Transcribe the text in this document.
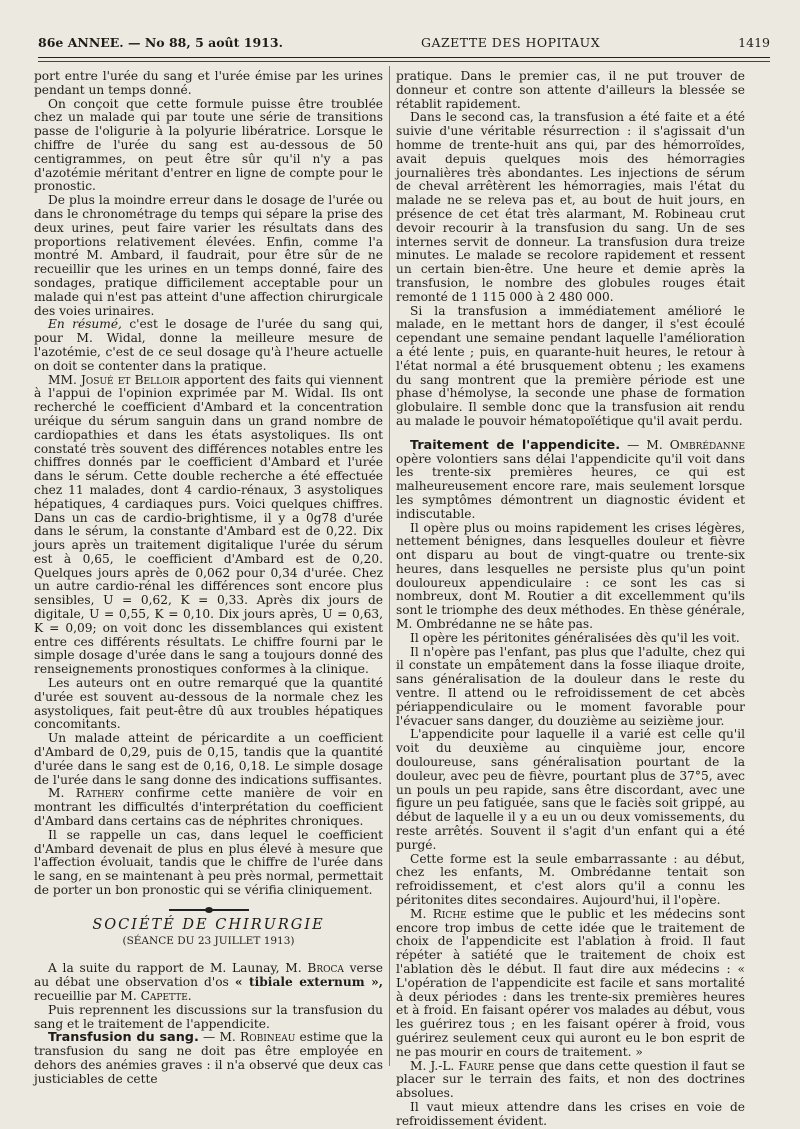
86e ANNEE. — No 88, 5 août 1913.	GAZETTE DES HOPITAUX	1419

port entre l'urée du sang et l'urée émise par les urines pendant un temps donné.

On conçoit que cette formule puisse être troublée chez un malade qui par toute une série de transitions passe de l'oligurie à la polyurie libératrice. Lorsque le chiffre de l'urée du sang est au-dessous de 50 centigrammes, on peut être sûr qu'il n'y a pas d'azotémie méritant d'entrer en ligne de compte pour le pronostic.

De plus la moindre erreur dans le dosage de l'urée ou dans le chronométrage du temps qui sépare la prise des deux urines, peut faire varier les résultats dans des proportions relativement élevées. Enfin, comme l'a montré M. Ambard, il faudrait, pour être sûr de ne recueillir que les urines en un temps donné, faire des sondages, pratique difficilement acceptable pour un malade qui n'est pas atteint d'une affection chirurgicale des voies urinaires.

En résumé, c'est le dosage de l'urée du sang qui, pour M. Widal, donne la meilleure mesure de l'azotémie, c'est de ce seul dosage qu'à l'heure actuelle on doit se contenter dans la pratique.

MM. Josué et Belloir apportent des faits qui viennent à l'appui de l'opinion exprimée par M. Widal. Ils ont recherché le coefficient d'Ambard et la concentration uréique du sérum sanguin dans un grand nombre de cardiopathies et dans les états asystoliques. Ils ont constaté très souvent des différences notables entre les chiffres donnés par le coefficient d'Ambard et l'urée dans le sérum. Cette double recherche a été effectuée chez 11 malades, dont 4 cardio-rénaux, 3 asystoliques hépatiques, 4 cardiaques purs. Voici quelques chiffres. Dans un cas de cardio-brightisme, il y a 0g78 d'urée dans le sérum, la constante d'Ambard est de 0,22. Dix jours après un traitement digitalique l'urée du sérum est à 0,65, le coefficient d'Ambard est de 0,20. Quelques jours après de 0,062 pour 0,34 d'urée. Chez un autre cardio-rénal les différences sont encore plus sensibles, U = 0,62, K = 0,33. Après dix jours de digitale, U = 0,55, K = 0,10. Dix jours après, U = 0,63, K = 0,09; on voit donc les dissemblances qui existent entre ces différents résultats. Le chiffre fourni par le simple dosage d'urée dans le sang a toujours donné des renseignements pronostiques conformes à la clinique.

Les auteurs ont en outre remarqué que la quantité d'urée est souvent au-dessous de la normale chez les asystoliques, fait peut-être dû aux troubles hépatiques concomitants.

Un malade atteint de péricardite a un coefficient d'Ambard de 0,29, puis de 0,15, tandis que la quantité d'urée dans le sang est de 0,16, 0,18. Le simple dosage de l'urée dans le sang donne des indications suffisantes.

M. Rathery confirme cette manière de voir en montrant les difficultés d'interprétation du coefficient d'Ambard dans certains cas de néphrites chroniques.

Il se rappelle un cas, dans lequel le coefficient d'Ambard devenait de plus en plus élevé à mesure que l'affection évoluait, tandis que le chiffre de l'urée dans le sang, en se maintenant à peu près normal, permettait de porter un bon pronostic qui se vérifia cliniquement.

SOCIÉTÉ DE CHIRURGIE
(SÉANCE DU 23 JUILLET 1913)

A la suite du rapport de M. Launay, M. Broca verse au débat une observation d'os « tibiale externum », recueillie par M. Capette.

Puis reprennent les discussions sur la transfusion du sang et le traitement de l'appendicite.

Transfusion du sang. — M. Robineau estime que la transfusion du sang ne doit pas être employée en dehors des anémies graves : il n'a observé que deux cas justiciables de cette

pratique. Dans le premier cas, il ne put trouver de donneur et contre son attente d'ailleurs la blessée se rétablit rapidement.

Dans le second cas, la transfusion a été faite et a été suivie d'une véritable résurrection : il s'agissait d'un homme de trente-huit ans qui, par des hémorroïdes, avait depuis quelques mois des hémorragies journalières très abondantes. Les injections de sérum de cheval arrêtèrent les hémorragies, mais l'état du malade ne se releva pas et, au bout de huit jours, en présence de cet état très alarmant, M. Robineau crut devoir recourir à la transfusion du sang. Un de ses internes servit de donneur. La transfusion dura treize minutes. Le malade se recolore rapidement et ressent un certain bien-être. Une heure et demie après la transfusion, le nombre des globules rouges était remonté de 1 115 000 à 2 480 000.

Si la transfusion a immédiatement amélioré le malade, en le mettant hors de danger, il s'est écoulé cependant une semaine pendant laquelle l'amélioration a été lente ; puis, en quarante-huit heures, le retour à l'état normal a été brusquement obtenu ; les examens du sang montrent que la première période est une phase d'hémolyse, la seconde une phase de formation globulaire. Il semble donc que la transfusion ait rendu au malade le pouvoir hématopoïétique qu'il avait perdu.

Traitement de l'appendicite. — M. Ombrédanne opère volontiers sans délai l'appendicite qu'il voit dans les trente-six premières heures, ce qui est malheureusement encore rare, mais seulement lorsque les symptômes démontrent un diagnostic évident et indiscutable.

Il opère plus ou moins rapidement les crises légères, nettement bénignes, dans lesquelles douleur et fièvre ont disparu au bout de vingt-quatre ou trente-six heures, dans lesquelles ne persiste plus qu'un point douloureux appendiculaire : ce sont les cas si nombreux, dont M. Routier a dit excellemment qu'ils sont le triomphe des deux méthodes. En thèse générale, M. Ombrédanne ne se hâte pas.

Il opère les péritonites généralisées dès qu'il les voit.

Il n'opère pas l'enfant, pas plus que l'adulte, chez qui il constate un empâtement dans la fosse iliaque droite, sans généralisation de la douleur dans le reste du ventre. Il attend ou le refroidissement de cet abcès périappendiculaire ou le moment favorable pour l'évacuer sans danger, du douzième au seizième jour.

L'appendicite pour laquelle il a varié est celle qu'il voit du deuxième au cinquième jour, encore douloureuse, sans généralisation pourtant de la douleur, avec peu de fièvre, pourtant plus de 37°5, avec un pouls un peu rapide, sans être discordant, avec une figure un peu fatiguée, sans que le faciès soit grippé, au début de laquelle il y a eu un ou deux vomissements, du reste arrêtés. Souvent il s'agit d'un enfant qui a été purgé.

Cette forme est la seule embarrassante : au début, chez les enfants, M. Ombrédanne tentait son refroidissement, et c'est alors qu'il a connu les péritonites dites secondaires. Aujourd'hui, il l'opère.

M. Riche estime que le public et les médecins sont encore trop imbus de cette idée que le traitement de choix de l'appendicite est l'ablation à froid. Il faut répéter à satiété que le traitement de choix est l'ablation dès le début. Il faut dire aux médecins : « L'opération de l'appendicite est facile et sans mortalité à deux périodes : dans les trente-six premières heures et à froid. En faisant opérer vos malades au début, vous les guérirez tous ; en les faisant opérer à froid, vous guérirez seulement ceux qui auront eu le bon esprit de ne pas mourir en cours de traitement. »

M. J.-L. Faure pense que dans cette question il faut se placer sur le terrain des faits, et non des doctrines absolues.

Il vaut mieux attendre dans les crises en voie de refroidissement évident.
